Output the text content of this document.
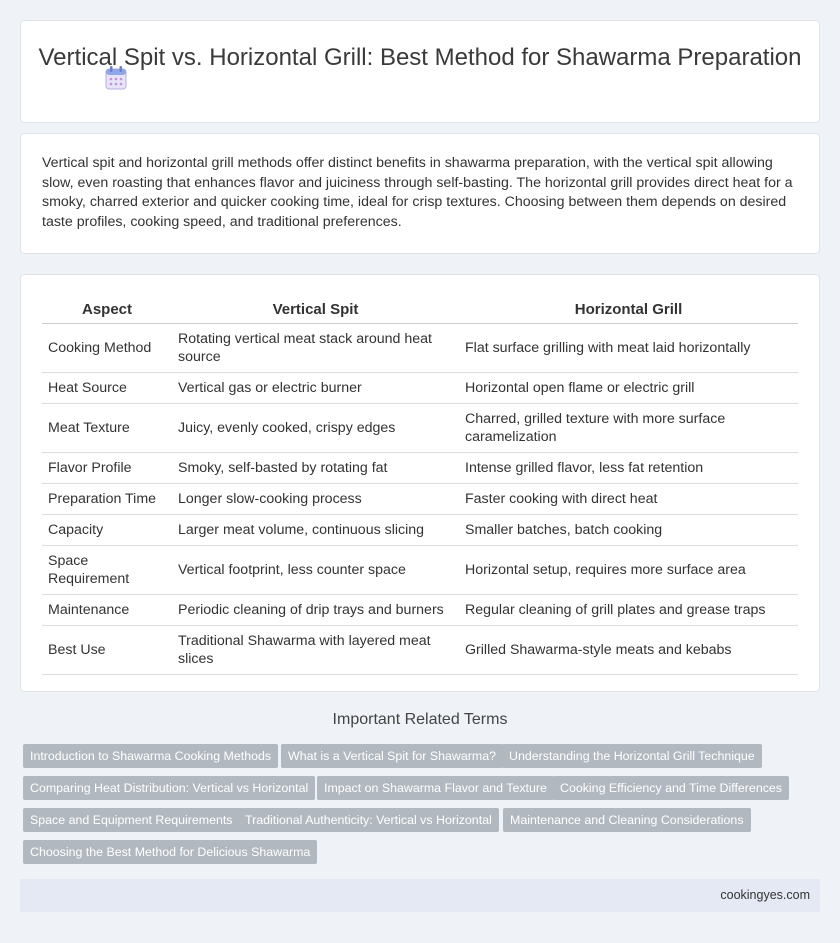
Vertical Spit vs. Horizontal Grill: Best Method for Shawarma Preparation
Vertical spit and horizontal grill methods offer distinct benefits in shawarma preparation, with the vertical spit allowing slow, even roasting that enhances flavor and juiciness through self-basting. The horizontal grill provides direct heat for a smoky, charred exterior and quicker cooking time, ideal for crisp textures. Choosing between them depends on desired taste profiles, cooking speed, and traditional preferences.
Aspect	Vertical Spit	Horizontal Grill
Cooking Method	Rotating vertical meat stack around heat source	Flat surface grilling with meat laid horizontally
Heat Source	Vertical gas or electric burner	Horizontal open flame or electric grill
Meat Texture	Juicy, evenly cooked, crispy edges	Charred, grilled texture with more surface caramelization
Flavor Profile	Smoky, self-basted by rotating fat	Intense grilled flavor, less fat retention
Preparation Time	Longer slow-cooking process	Faster cooking with direct heat
Capacity	Larger meat volume, continuous slicing	Smaller batches, batch cooking
Space Requirement	Vertical footprint, less counter space	Horizontal setup, requires more surface area
Maintenance	Periodic cleaning of drip trays and burners	Regular cleaning of grill plates and grease traps
Best Use	Traditional Shawarma with layered meat slices	Grilled Shawarma-style meats and kebabs
Important Related Terms
Introduction to Shawarma Cooking Methods	What is a Vertical Spit for Shawarma?	Understanding the Horizontal Grill Technique
Comparing Heat Distribution: Vertical vs Horizontal	Impact on Shawarma Flavor and Texture	Cooking Efficiency and Time Differences
Space and Equipment Requirements	Traditional Authenticity: Vertical vs Horizontal	Maintenance and Cleaning Considerations
Choosing the Best Method for Delicious Shawarma
cookingyes.com
